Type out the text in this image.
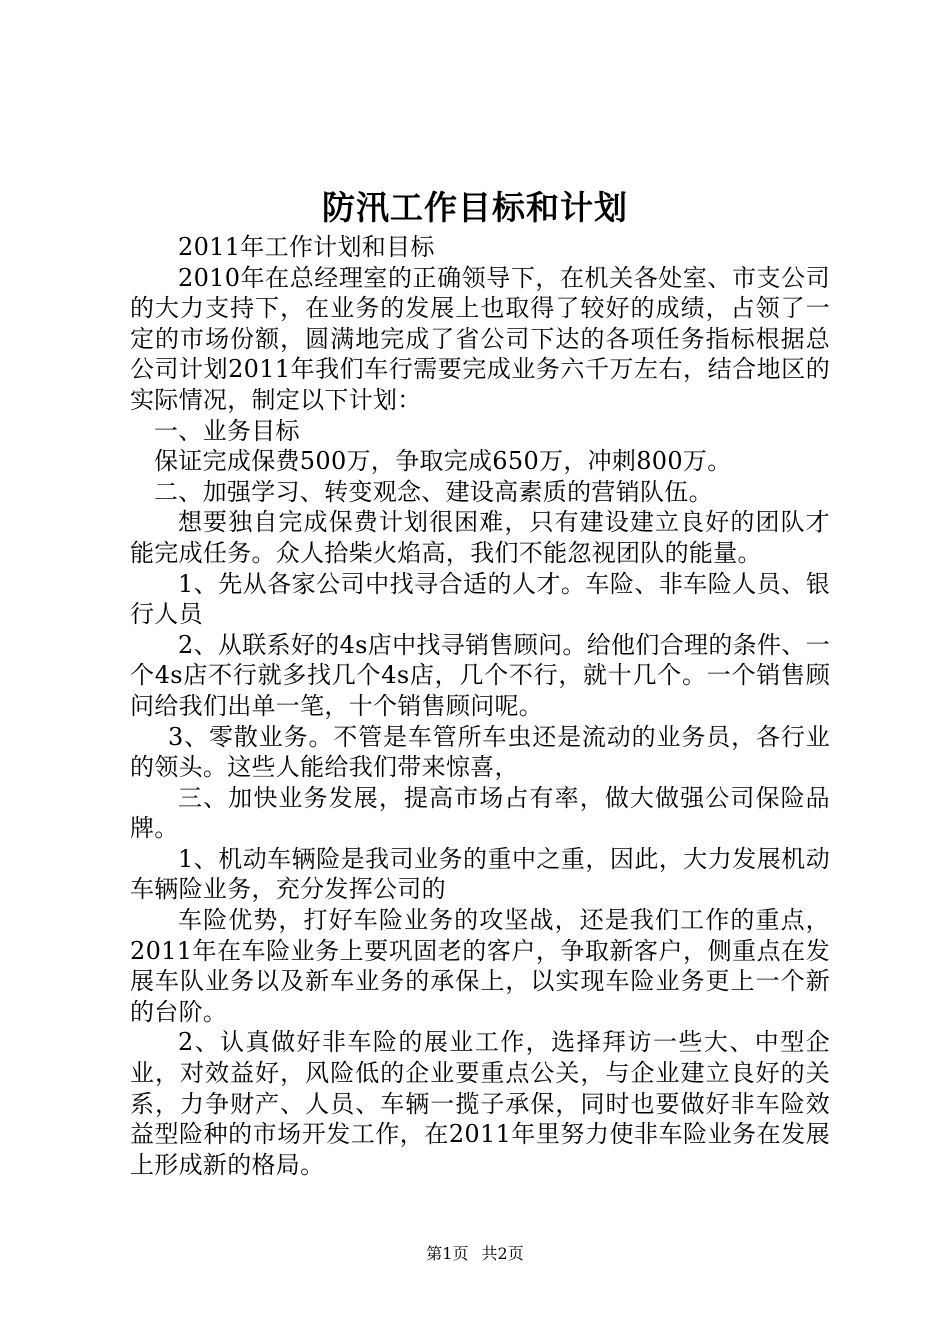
防汛工作目标和计划

2011年工作计划和目标

2010年在总经理室的正确领导下，在机关各处室、市支公司的大力支持下，在业务的发展上也取得了较好的成绩，占领了一定的市场份额，圆满地完成了省公司下达的各项任务指标根据总公司计划2011年我们车行需要完成业务六千万左右，结合地区的实际情况，制定以下计划：

一、业务目标

保证完成保费500万，争取完成650万，冲刺800万。

二、加强学习、转变观念、建设高素质的营销队伍。

想要独自完成保费计划很困难，只有建设建立良好的团队才能完成任务。众人拾柴火焰高，我们不能忽视团队的能量。

1、先从各家公司中找寻合适的人才。车险、非车险人员、银行人员

2、从联系好的4s店中找寻销售顾问。给他们合理的条件、一个4s店不行就多找几个4s店，几个不行，就十几个。一个销售顾问给我们出单一笔，十个销售顾问呢。

3、零散业务。不管是车管所车虫还是流动的业务员，各行业的领头。这些人能给我们带来惊喜，

三、加快业务发展，提高市场占有率，做大做强公司保险品牌。

1、机动车辆险是我司业务的重中之重，因此，大力发展机动车辆险业务，充分发挥公司的

车险优势，打好车险业务的攻坚战，还是我们工作的重点，2011年在车险业务上要巩固老的客户，争取新客户，侧重点在发展车队业务以及新车业务的承保上，以实现车险业务更上一个新的台阶。

2、认真做好非车险的展业工作，选择拜访一些大、中型企业，对效益好，风险低的企业要重点公关，与企业建立良好的关系，力争财产、人员、车辆一揽子承保，同时也要做好非车险效益型险种的市场开发工作，在2011年里努力使非车险业务在发展上形成新的格局。

第1页 共2页
